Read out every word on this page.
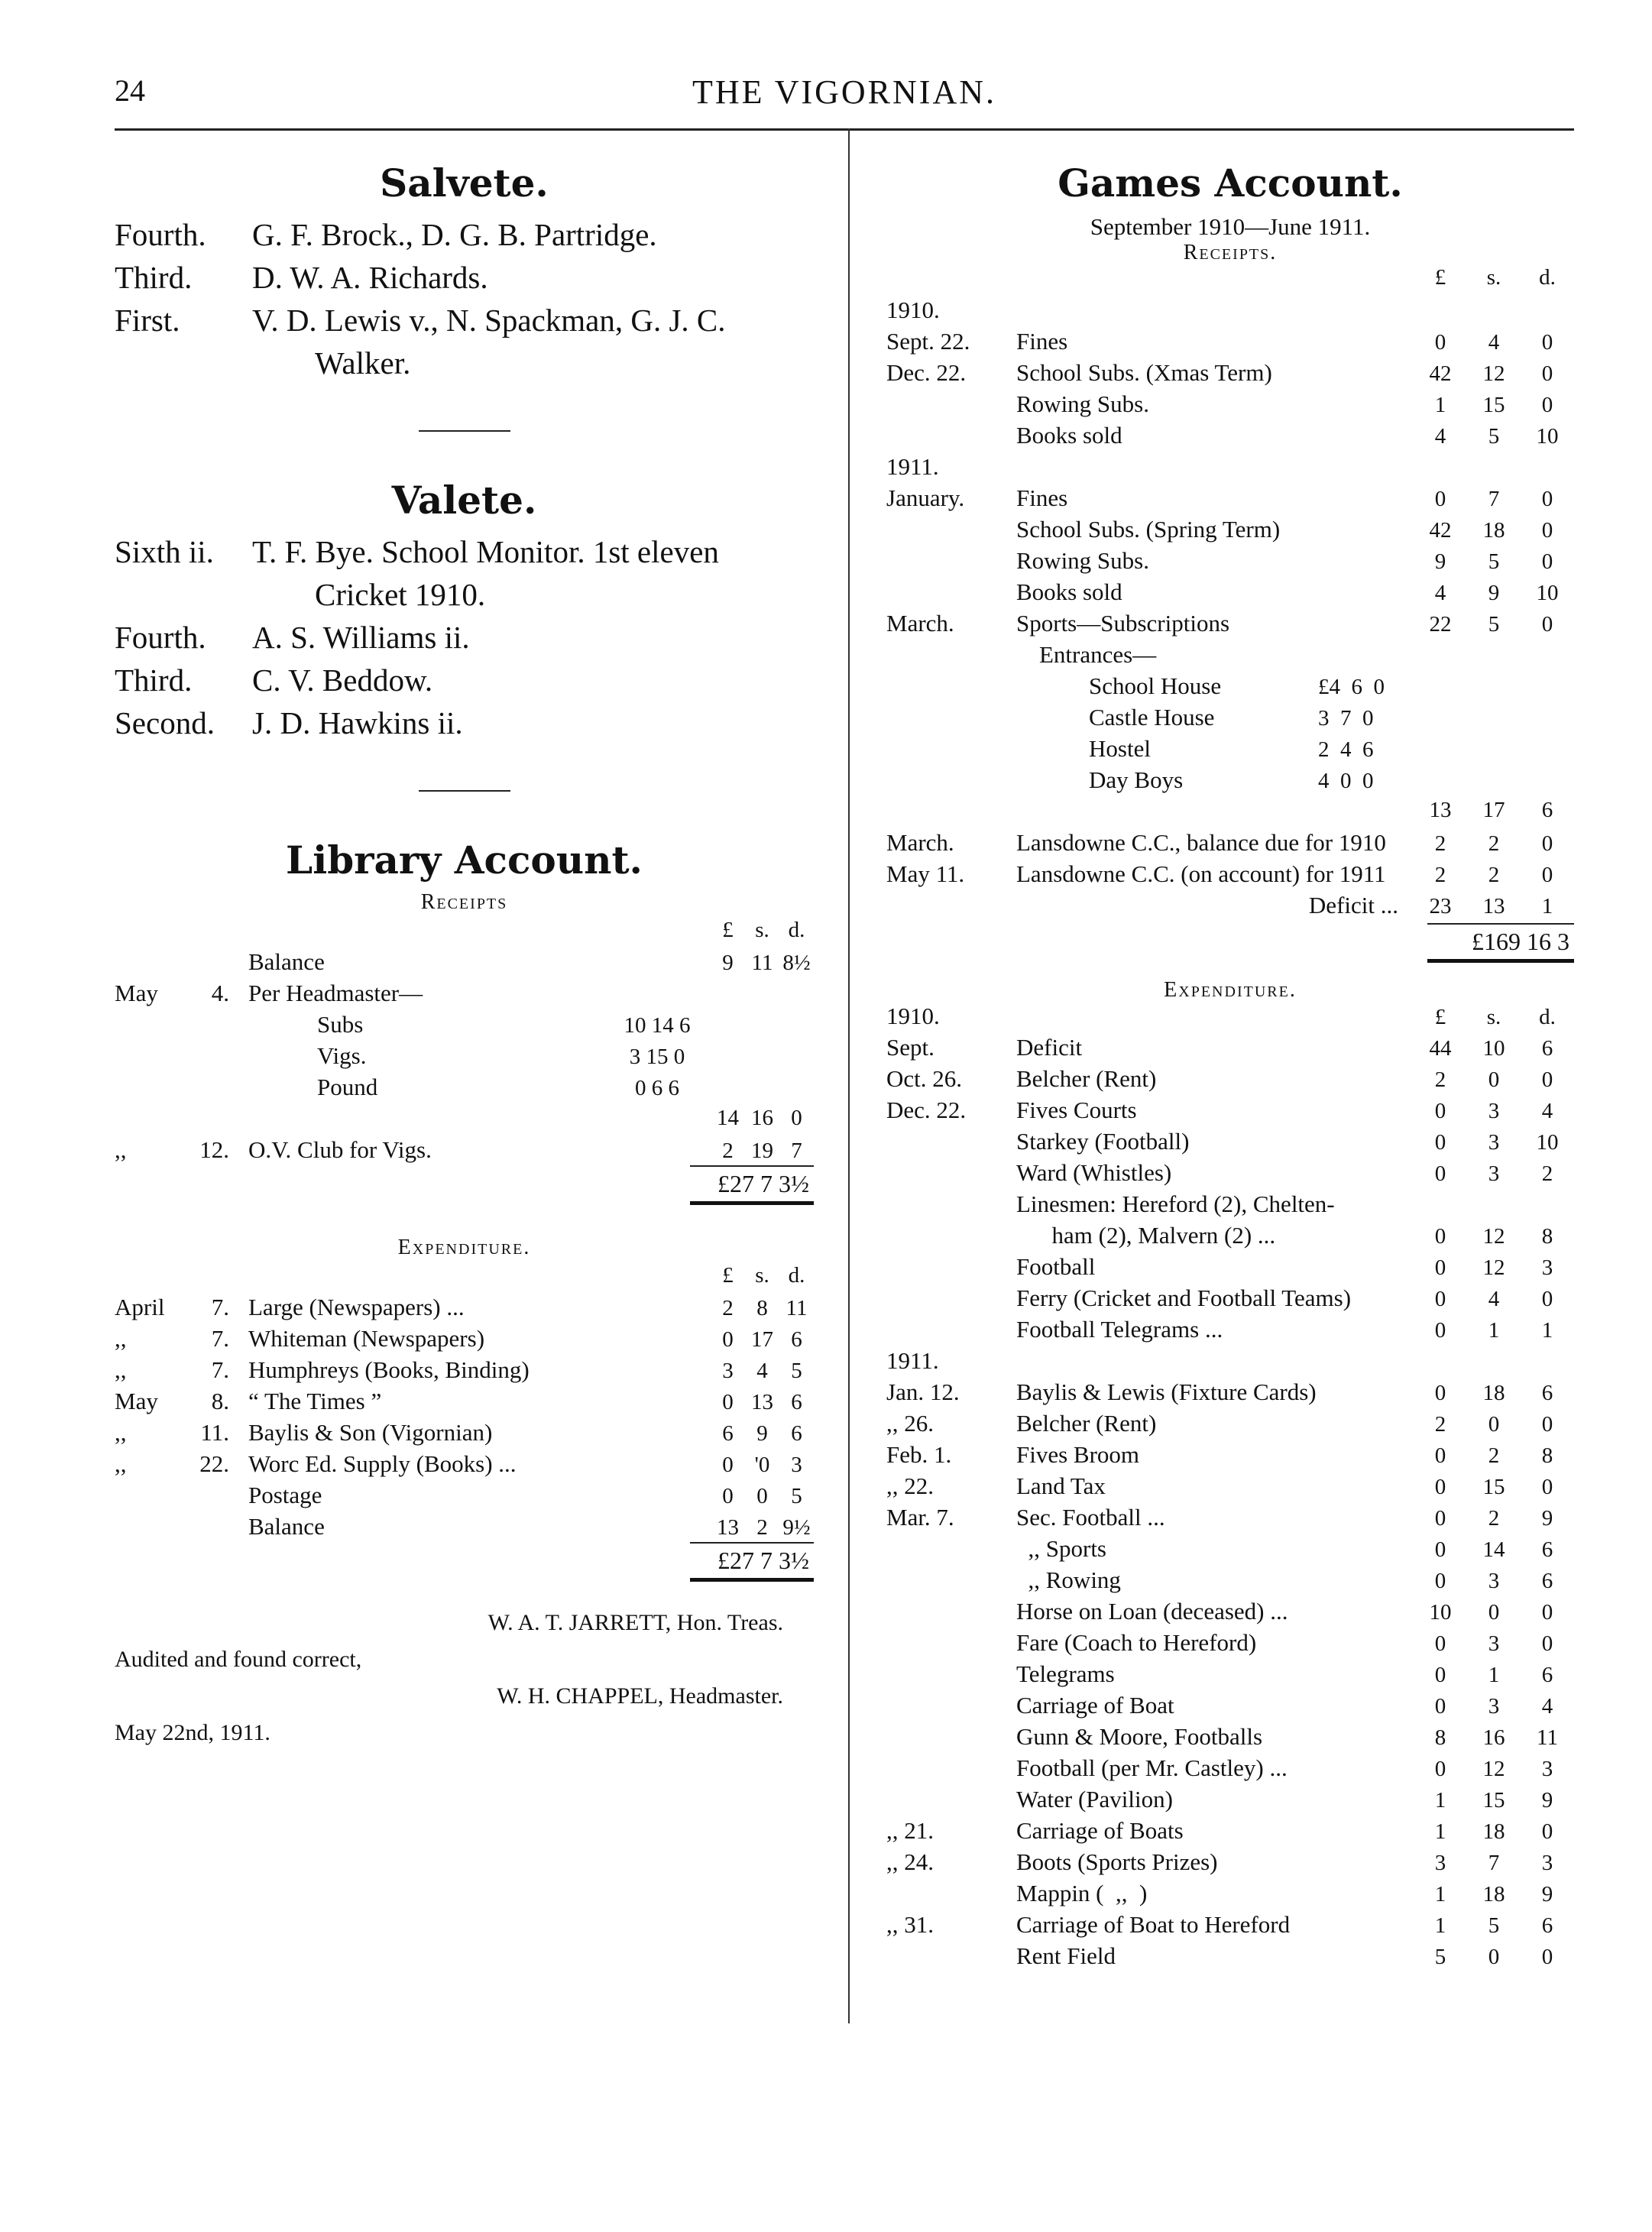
24	THE VIGORNIAN.
Salvete.
Fourth.	G. F. Brock., D. G. B. Partridge.
Third.	D. W. A. Richards.
First.	V. D. Lewis v., N. Spackman, G. J. C.
Walker.
Valete.
Sixth ii.	T. F. Bye. School Monitor. 1st eleven
Cricket 1910.
Fourth.	A. S. Williams ii.
Third.	C. V. Beddow.
Second.	J. D. Hawkins ii.
Library Account.
Receipts
£ s. d.
Balance	9 11 8½
May	4. Per Headmaster—
Subs	10 14 6
Vigs.	3 15 0
Pound	0 6 6
14 16 0
,,	12. O.V. Club for Vigs.	2 19 7
£27 7 3½
Expenditure.
£ s. d.
April	7. Large (Newspapers) ...	2	8 11
,,	7. Whiteman (Newspapers)	0 17 6
,,	7. Humphreys (Books, Binding)	3	4	5
May	8. “ The Times ”	0 13 6
,,	11. Baylis & Son (Vigornian)	6	9	6
,,	22. Worc Ed. Supply (Books) ...	0 '0 3
Postage	0	0	5
Balance	13 2 9½
£27 7 3½
W. A. T. JARRETT, Hon. Treas.
Audited and found correct,
W. H. CHAPPEL, Headmaster.
May 22nd, 1911.
Games Account.
September 1910—June 1911.
Receipts.
£	s.	d.
1910.
Sept. 22.	Fines	0	4	0
Dec. 22.	School Subs. (Xmas Term)	42	12	0
Rowing Subs.	1	15	0
Books sold	4	5	10
1911.
January.	Fines	0	7	0
School Subs. (Spring Term)	42	18	0
Rowing Subs.	9	5	0
Books sold	4	9	10
March.	Sports—Subscriptions	22	5	0
Entrances—
School House	£4  6  0
Castle House	3  7  0
Hostel	2  4  6
Day Boys	4  0  0
13	17	6
March.	Lansdowne C.C., balance due for 1910	2	2	0
May 11.	Lansdowne C.C. (on account) for 1911	2	2	0
Deficit ...	23	13	1
£169 16 3
Expenditure.
1910.	£	s.	d.
Sept.	Deficit	44	10	6
Oct. 26.	Belcher (Rent)	2	0	0
Dec. 22.	Fives Courts	0	3	4
Starkey (Football)	0	3	10
Ward (Whistles)	0	3	2
Linesmen: Hereford (2), Chelten-
ham (2), Malvern (2) ...	0	12	8
Football	0	12	3
Ferry (Cricket and Football Teams)	0	4	0
Football Telegrams ...	0	1	1
1911.
Jan. 12.	Baylis & Lewis (Fixture Cards)	0	18	6
,, 26.	Belcher (Rent)	2	0	0
Feb. 1.	Fives Broom	0	2	8
,, 22.	Land Tax	0	15	0
Mar. 7.	Sec. Football ...	0	2	9
,, Sports	0	14	6
,, Rowing	0	3	6
Horse on Loan (deceased) ...	10	0	0
Fare (Coach to Hereford)	0	3	0
Telegrams	0	1	6
Carriage of Boat	0	3	4
Gunn & Moore, Footballs	8	16	11
Football (per Mr. Castley) ...	0	12	3
Water (Pavilion)	1	15	9
,, 21.	Carriage of Boats	1	18	0
,, 24.	Boots (Sports Prizes)	3	7	3
Mappin (  ,,  )	1	18	9
,, 31.	Carriage of Boat to Hereford	1	5	6
Rent Field	5	0	0
